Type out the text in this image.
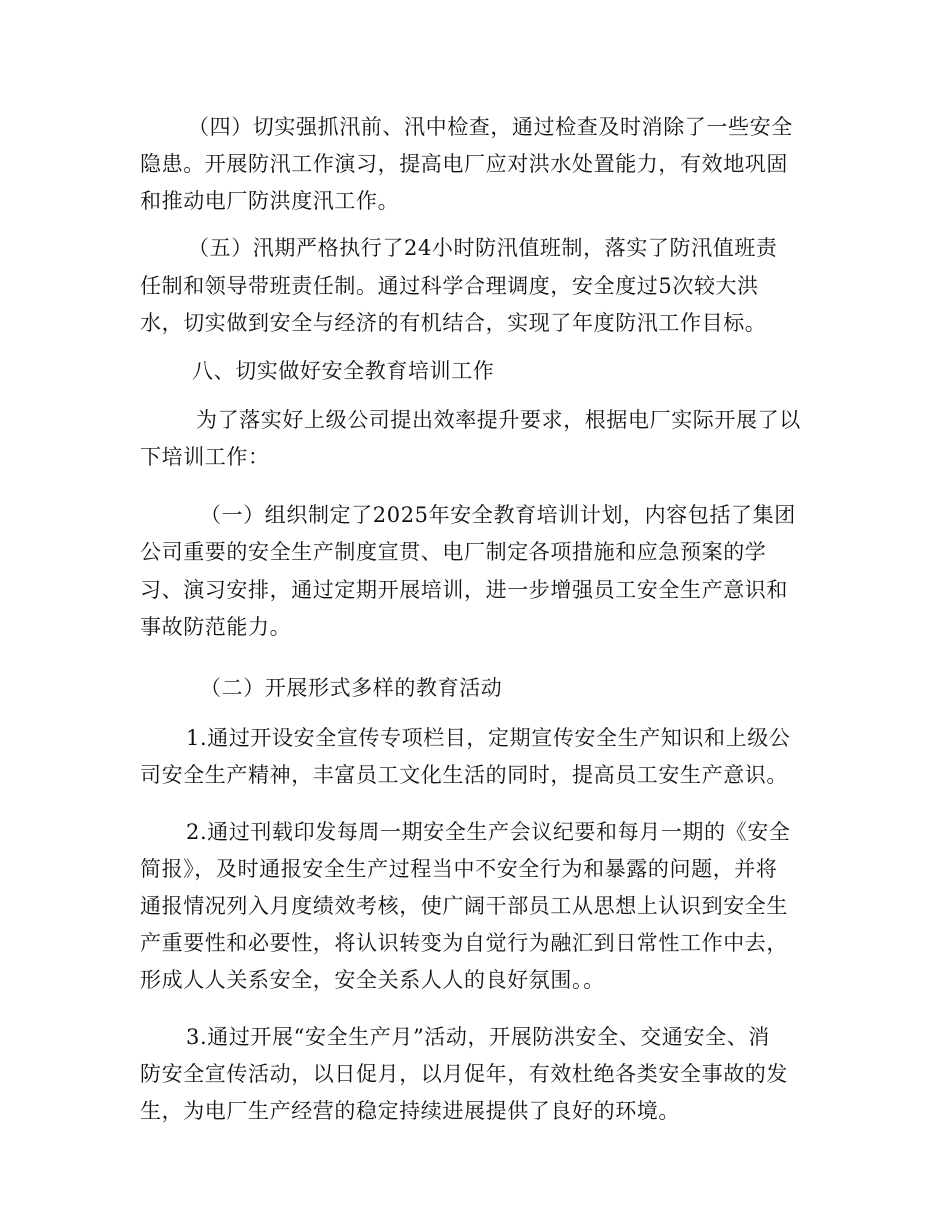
（四）切实强抓汛前、汛中检查，通过检查及时消除了一些安全
隐患。开展防汛工作演习，提高电厂应对洪水处置能力，有效地巩固
和推动电厂防洪度汛工作。
（五）汛期严格执行了24小时防汛值班制，落实了防汛值班责
任制和领导带班责任制。通过科学合理调度，安全度过5次较大洪
水，切实做到安全与经济的有机结合，实现了年度防汛工作目标。
八、切实做好安全教育培训工作
为了落实好上级公司提出效率提升要求，根据电厂实际开展了以
下培训工作：
（一）组织制定了2025年安全教育培训计划，内容包括了集团
公司重要的安全生产制度宣贯、电厂制定各项措施和应急预案的学
习、演习安排，通过定期开展培训，进一步增强员工安全生产意识和
事故防范能力。
（二）开展形式多样的教育活动
1.通过开设安全宣传专项栏目，定期宣传安全生产知识和上级公
司安全生产精神，丰富员工文化生活的同时，提高员工安生产意识。
2.通过刊载印发每周一期安全生产会议纪要和每月一期的《安全
简报》，及时通报安全生产过程当中不安全行为和暴露的问题，并将
通报情况列入月度绩效考核，使广阔干部员工从思想上认识到安全生
产重要性和必要性，将认识转变为自觉行为融汇到日常性工作中去，
形成人人关系安全，安全关系人人的良好氛围。。
3.通过开展“安全生产月”活动，开展防洪安全、交通安全、消
防安全宣传活动，以日促月，以月促年，有效杜绝各类安全事故的发
生，为电厂生产经营的稳定持续进展提供了良好的环境。
